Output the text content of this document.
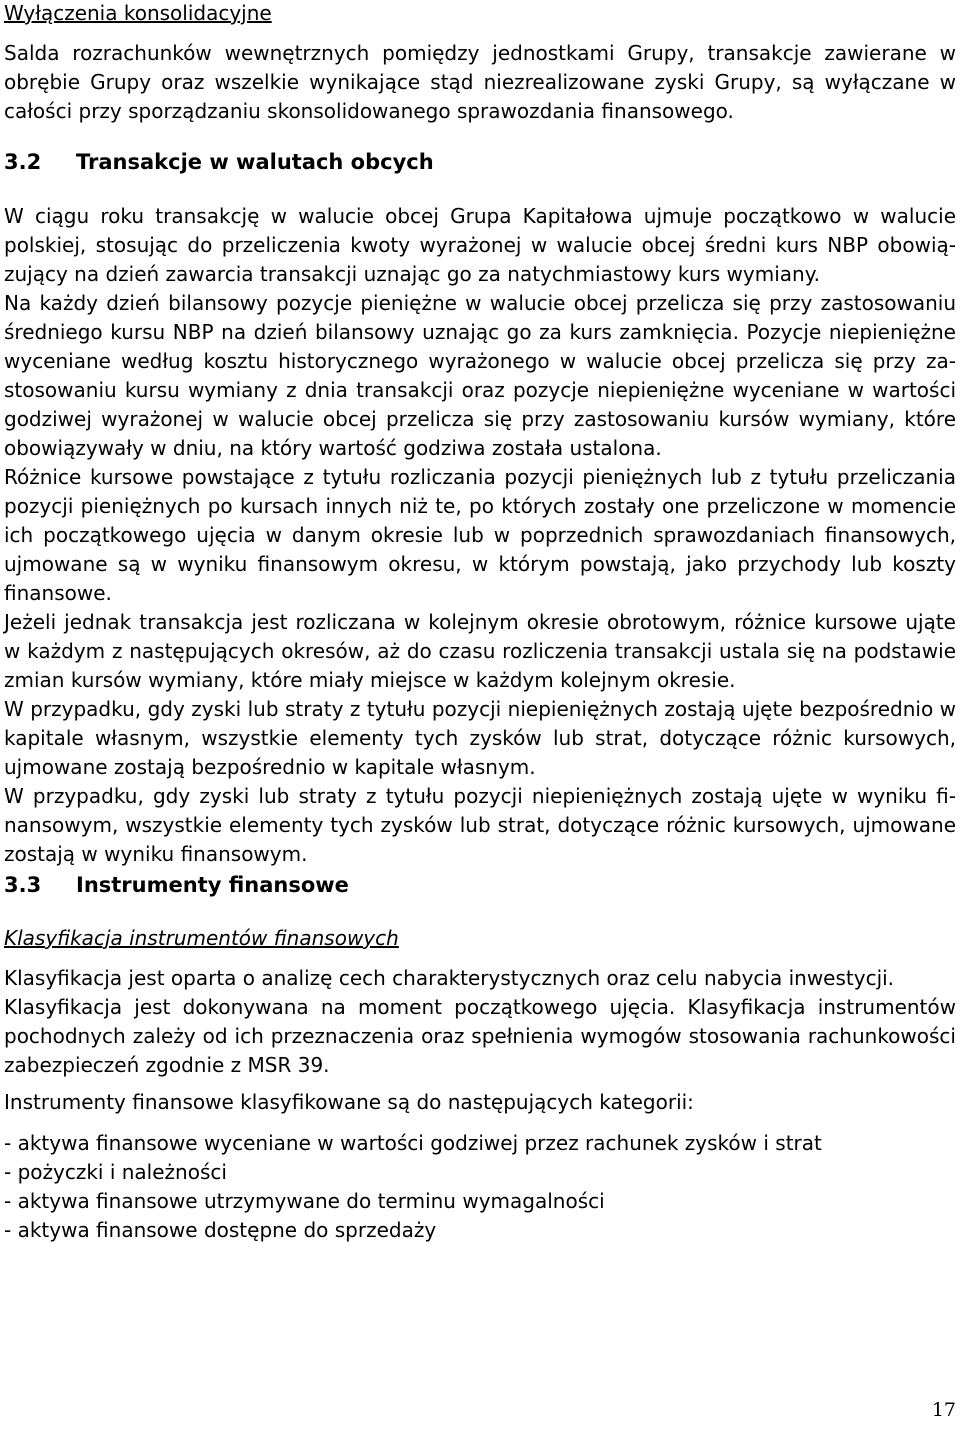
Wyłączenia konsolidacyjne

Salda rozrachunków wewnętrznych pomiędzy jednostkami Grupy, transakcje zawierane w obrębie Grupy oraz wszelkie wynikające stąd niezrealizowane zyski Grupy, są wyłączane w całości przy sporządzaniu skonsolidowanego sprawozdania finansowego.

3.2 Transakcje w walutach obcych

W ciągu roku transakcję w walucie obcej Grupa Kapitałowa ujmuje początkowo w walucie polskiej, stosując do przeliczenia kwoty wyrażonej w walucie obcej średni kurs NBP obowiązujący na dzień zawarcia transakcji uznając go za natychmiastowy kurs wymiany.

Na każdy dzień bilansowy pozycje pieniężne w walucie obcej przelicza się przy zastosowaniu średniego kursu NBP na dzień bilansowy uznając go za kurs zamknięcia. Pozycje niepieniężne wyceniane według kosztu historycznego wyrażonego w walucie obcej przelicza się przy zastosowaniu kursu wymiany z dnia transakcji oraz pozycje niepieniężne wyceniane w wartości godziwej wyrażonej w walucie obcej przelicza się przy zastosowaniu kursów wymiany, które obowiązywały w dniu, na który wartość godziwa została ustalona.

Różnice kursowe powstające z tytułu rozliczania pozycji pieniężnych lub z tytułu przeliczania pozycji pieniężnych po kursach innych niż te, po których zostały one przeliczone w momencie ich początkowego ujęcia w danym okresie lub w poprzednich sprawozdaniach finansowych, ujmowane są w wyniku finansowym okresu, w którym powstają, jako przychody lub koszty finansowe.

Jeżeli jednak transakcja jest rozliczana w kolejnym okresie obrotowym, różnice kursowe ująte w każdym z następujących okresów, aż do czasu rozliczenia transakcji ustala się na podstawie zmian kursów wymiany, które miały miejsce w każdym kolejnym okresie.

W przypadku, gdy zyski lub straty z tytułu pozycji niepieniężnych zostają ujęte bezpośrednio w kapitale własnym, wszystkie elementy tych zysków lub strat, dotyczące różnic kursowych, ujmowane zostają bezpośrednio w kapitale własnym.

W przypadku, gdy zyski lub straty z tytułu pozycji niepieniężnych zostają ujęte w wyniku finansowym, wszystkie elementy tych zysków lub strat, dotyczące różnic kursowych, ujmowane zostają w wyniku finansowym.

3.3 Instrumenty finansowe
Klasyfikacja instrumentów finansowych

Klasyfikacja jest oparta o analizę cech charakterystycznych oraz celu nabycia inwestycji.

Klasyfikacja jest dokonywana na moment początkowego ujęcia. Klasyfikacja instrumentów pochodnych zależy od ich przeznaczenia oraz spełnienia wymogów stosowania rachunkowości zabezpieczeń zgodnie z MSR 39.

Instrumenty finansowe klasyfikowane są do następujących kategorii:

- aktywa finansowe wyceniane w wartości godziwej przez rachunek zysków i strat
- pożyczki i należności
- aktywa finansowe utrzymywane do terminu wymagalności
- aktywa finansowe dostępne do sprzedaży
17
